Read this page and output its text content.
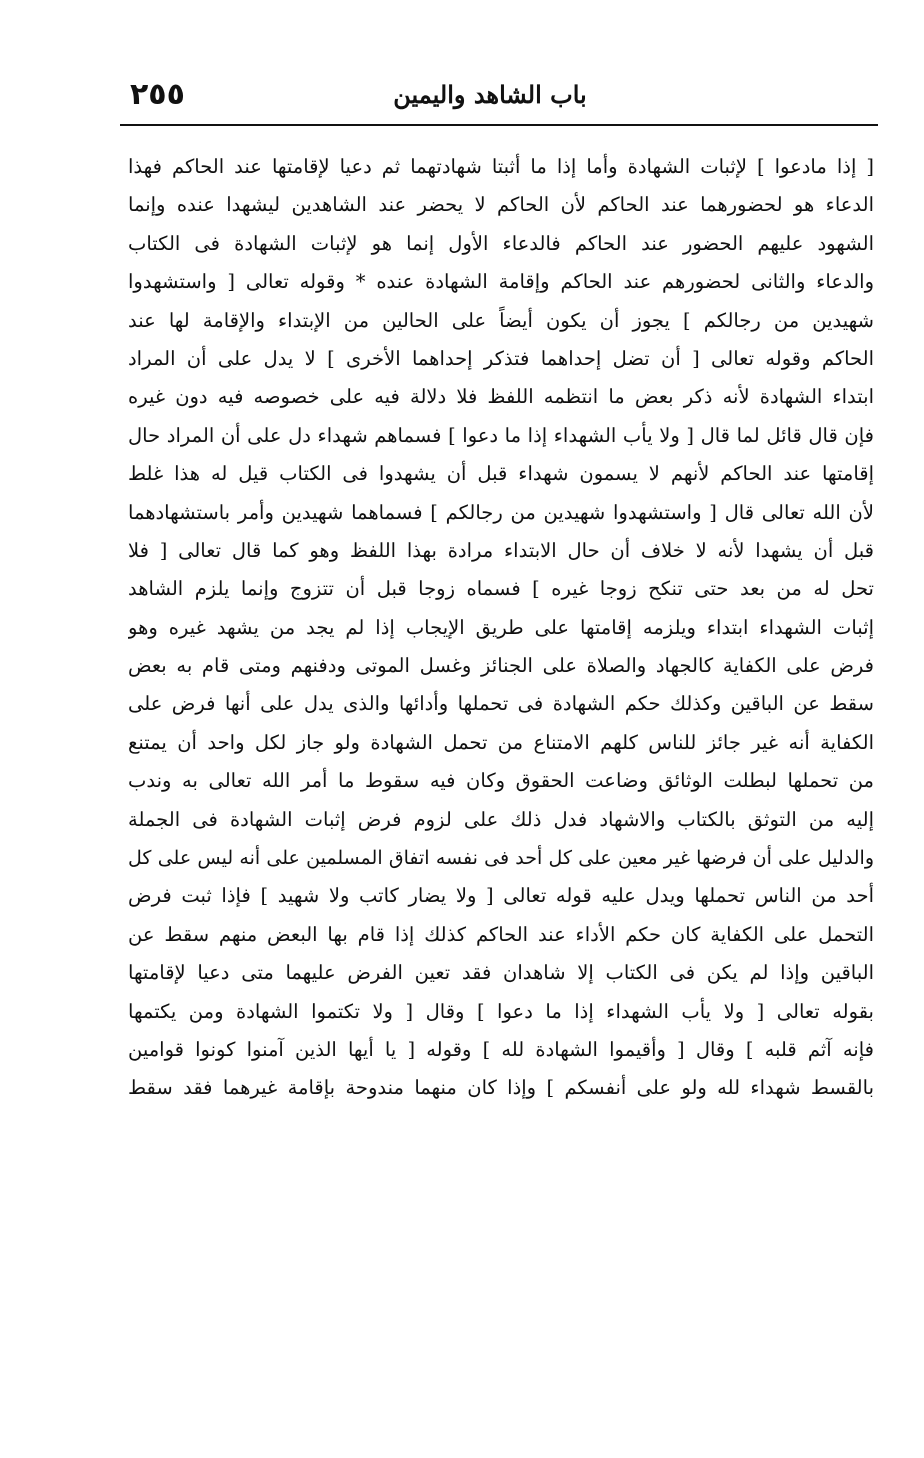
٢٥٥	باب الشاهد واليمين
[ إذا مادعوا ] لإثبات الشهادة وأما إذا ما أثبتا شهادتهما ثم دعيا لإقامتها عند الحاكم فهذا
الدعاء هو لحضورهما عند الحاكم لأن الحاكم لا يحضر عند الشاهدين ليشهدا عنده وإنما
الشهود عليهم الحضور عند الحاكم فالدعاء الأول إنما هو لإثبات الشهادة فى الكتاب
والدعاء والثانى لحضورهم عند الحاكم وإقامة الشهادة عنده * وقوله تعالى [ واستشهدوا
شهيدين من رجالكم ] يجوز أن يكون أيضاً على الحالين من الإبتداء والإقامة لها عند
الحاكم وقوله تعالى [ أن تضل إحداهما فتذكر إحداهما الأخرى ] لا يدل على أن المراد
ابتداء الشهادة لأنه ذكر بعض ما انتظمه اللفظ فلا دلالة فيه على خصوصه فيه دون غيره
فإن قال قائل لما قال [ ولا يأب الشهداء إذا ما دعوا ] فسماهم شهداء دل على أن المراد حال
إقامتها عند الحاكم لأنهم لا يسمون شهداء قبل أن يشهدوا فى الكتاب قيل له هذا غلط
لأن الله تعالى قال [ واستشهدوا شهيدين من رجالكم ] فسماهما شهيدين وأمر باستشهادهما
قبل أن يشهدا لأنه لا خلاف أن حال الابتداء مرادة بهذا اللفظ وهو كما قال تعالى [ فلا
تحل له من بعد حتى تنكح زوجا غيره ] فسماه زوجا قبل أن تتزوج وإنما يلزم الشاهد
إثبات الشهداء ابتداء ويلزمه إقامتها على طريق الإيجاب إذا لم يجد من يشهد غيره وهو
فرض على الكفاية كالجهاد والصلاة على الجنائز وغسل الموتى ودفنهم ومتى قام به بعض
سقط عن الباقين وكذلك حكم الشهادة فى تحملها وأدائها والذى يدل على أنها فرض على
الكفاية أنه غير جائز للناس كلهم الامتناع من تحمل الشهادة ولو جاز لكل واحد أن يمتنع
من تحملها لبطلت الوثائق وضاعت الحقوق وكان فيه سقوط ما أمر الله تعالى به وندب
إليه من التوثق بالكتاب والاشهاد فدل ذلك على لزوم فرض إثبات الشهادة فى الجملة
والدليل على أن فرضها غير معين على كل أحد فى نفسه اتفاق المسلمين على أنه ليس على كل
أحد من الناس تحملها ويدل عليه قوله تعالى [ ولا يضار كاتب ولا شهيد ] فإذا ثبت فرض
التحمل على الكفاية كان حكم الأداء عند الحاكم كذلك إذا قام بها البعض منهم سقط عن
الباقين وإذا لم يكن فى الكتاب إلا شاهدان فقد تعين الفرض عليهما متى دعيا لإقامتها
بقوله تعالى [ ولا يأب الشهداء إذا ما دعوا ] وقال [ ولا تكتموا الشهادة ومن يكتمها
فإنه آثم قلبه ] وقال [ وأقيموا الشهادة لله ] وقوله [ يا أيها الذين آمنوا كونوا قوامين
بالقسط شهداء لله ولو على أنفسكم ] وإذا كان منهما مندوحة بإقامة غيرهما فقد سقط
